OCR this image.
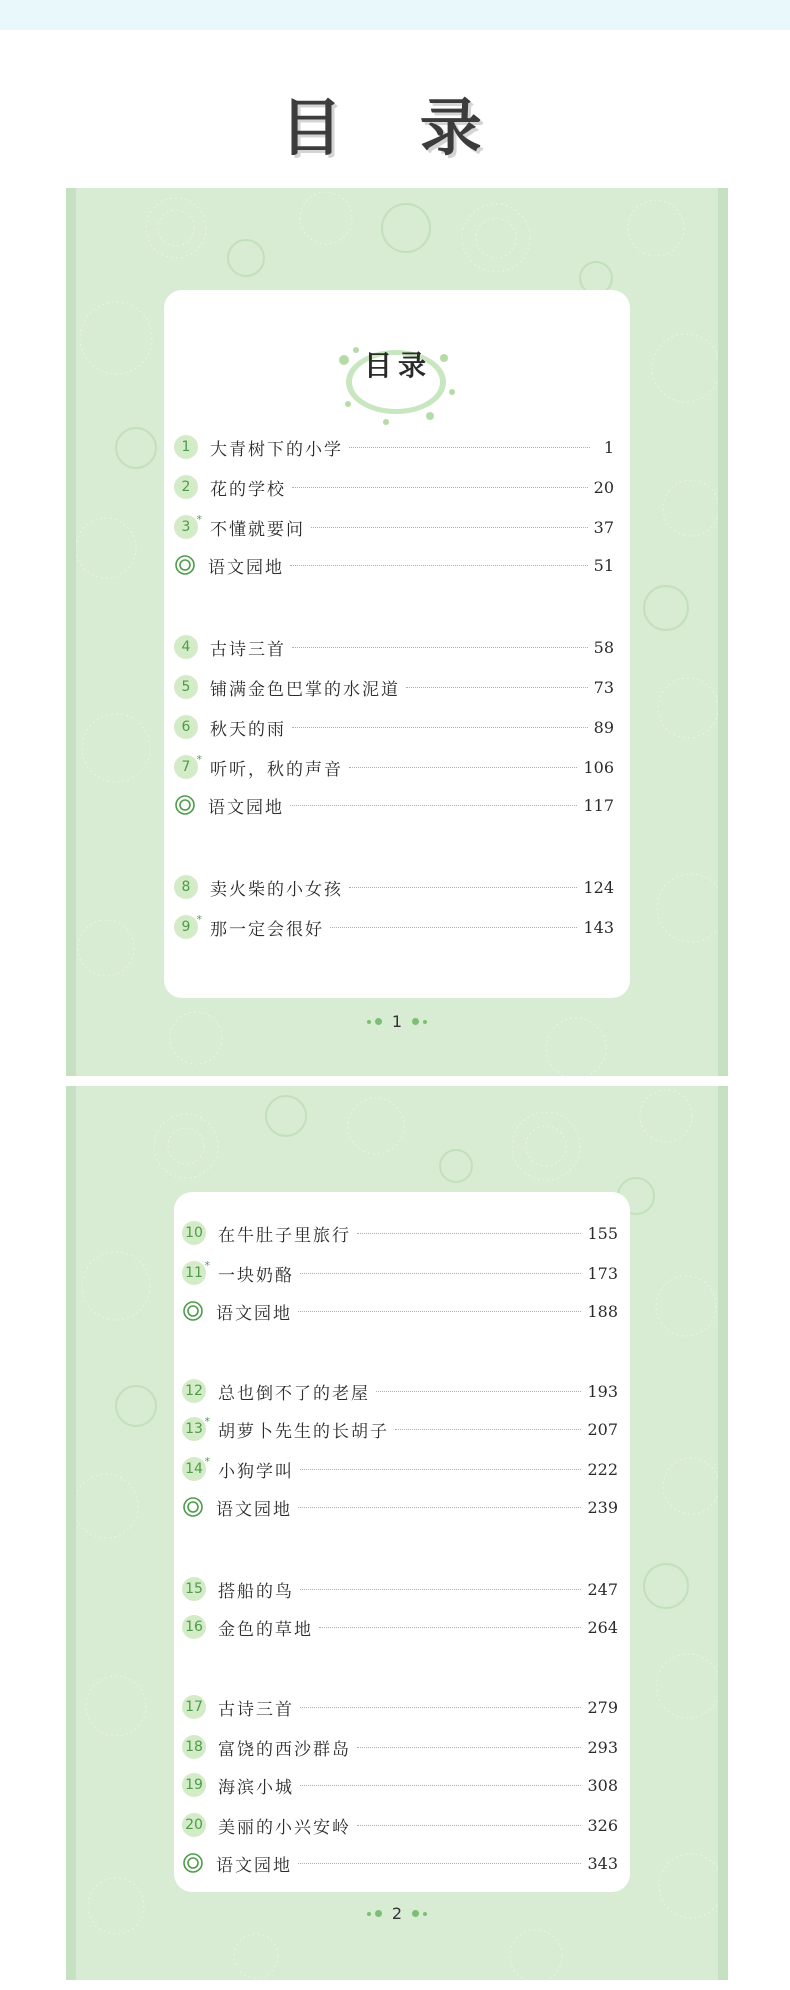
目 录
目录
1 大青树下的小学	1
2 花的学校	20
3 * 不懂就要问	37
语文园地	51
4 古诗三首	58
5 铺满金色巴掌的水泥道	73
6 秋天的雨	89
7 * 听听，秋的声音	106
语文园地	117
8 卖火柴的小女孩	124
9 * 那一定会很好	143
1
10 在牛肚子里旅行	155
11 * 一块奶酪	173
语文园地	188
12 总也倒不了的老屋	193
13 * 胡萝卜先生的长胡子	207
14 * 小狗学叫	222
语文园地	239
15 搭船的鸟	247
16 金色的草地	264
17 古诗三首	279
18 富饶的西沙群岛	293
19 海滨小城	308
20 美丽的小兴安岭	326
语文园地	343
2
